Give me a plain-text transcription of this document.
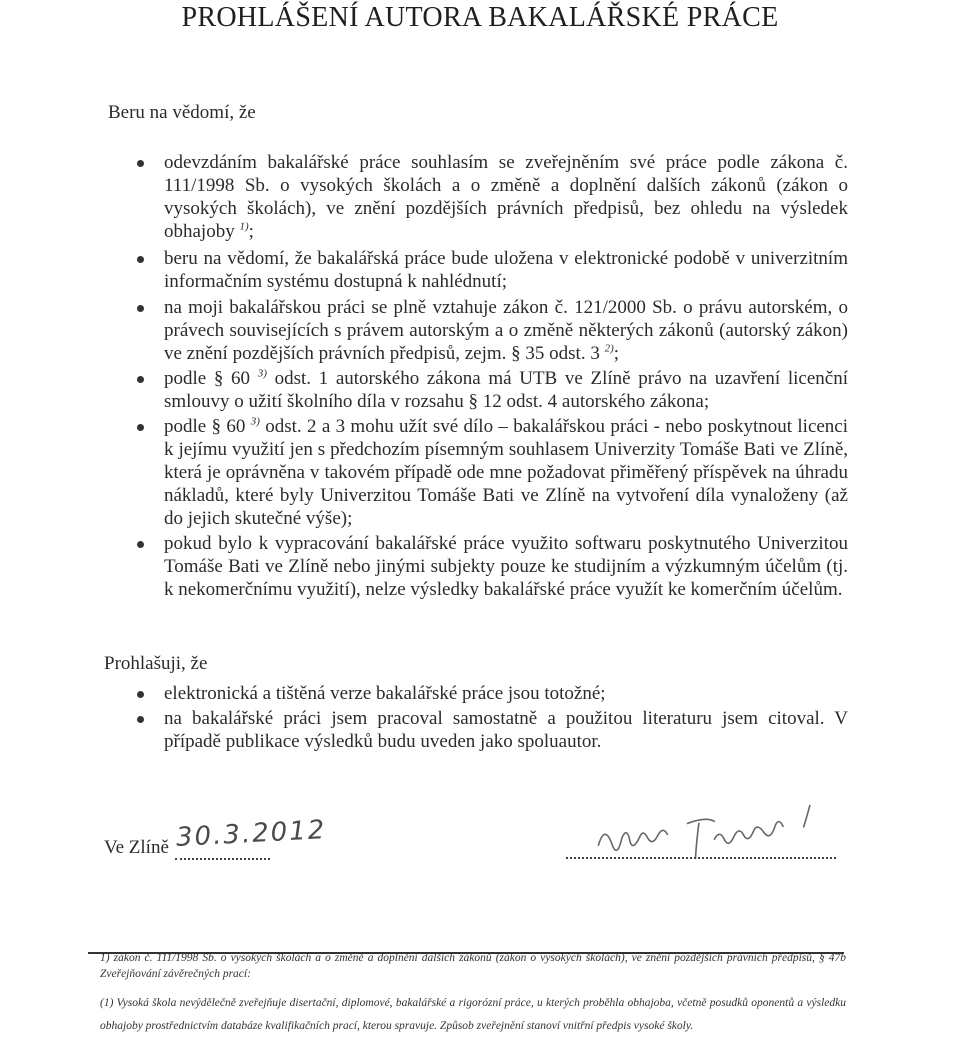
PROHLÁŠENÍ AUTORA BAKALÁŘSKÉ PRÁCE

Beru na vědomí, že

odevzdáním bakalářské práce souhlasím se zveřejněním své práce podle zákona č. 111/1998 Sb. o vysokých školách a o změně a doplnění dalších zákonů (zákon o vysokých školách), ve znění pozdějších právních předpisů, bez ohledu na výsledek obhajoby $^{1)}$;
beru na vědomí, že bakalářská práce bude uložena v elektronické podobě v univerzitním informačním systému dostupná k nahlédnutí;
na moji bakalářskou práci se plně vztahuje zákon č. 121/2000 Sb. o právu autorském, o právech souvisejících s právem autorským a o změně některých zákonů (autorský zákon) ve znění pozdějších právních předpisů, zejm. § 35 odst. 3 $^{2)}$;
podle § 60 $^{3)}$ odst. 1 autorského zákona má UTB ve Zlíně právo na uzavření licenční smlouvy o užití školního díla v rozsahu § 12 odst. 4 autorského zákona;
podle § 60 $^{3)}$ odst. 2 a 3 mohu užít své dílo – bakalářskou práci - nebo poskytnout licenci k jejímu využití jen s předchozím písemným souhlasem Univerzity Tomáše Bati ve Zlíně, která je oprávněna v takovém případě ode mne požadovat přiměřený příspěvek na úhradu nákladů, které byly Univerzitou Tomáše Bati ve Zlíně na vytvoření díla vynaloženy (až do jejich skutečné výše);
pokud bylo k vypracování bakalářské práce využito softwaru poskytnutého Univerzitou Tomáše Bati ve Zlíně nebo jinými subjekty pouze ke studijním a výzkumným účelům (tj. k nekomerčnímu využití), nelze výsledky bakalářské práce využít ke komerčním účelům.

Prohlašuji, že

elektronická a tištěná verze bakalářské práce jsou totožné;
na bakalářské práci jsem pracoval samostatně a použitou literaturu jsem citoval. V případě publikace výsledků budu uveden jako spoluautor.
Ve Zlíně 30.3.2012

1) zákon č. 111/1998 Sb. o vysokých školách a o změně a doplnění dalších zákonů (zákon o vysokých školách), ve znění pozdějších právních předpisů, § 47b Zveřejňování závěrečných prací:

(1) Vysoká škola nevýdělečně zveřejňuje disertační, diplomové, bakalářské a rigorózní práce, u kterých proběhla obhajoba, včetně posudků oponentů a výsledku obhajoby prostřednictvím databáze kvalifikačních prací, kterou spravuje. Způsob zveřejnění stanoví vnitřní předpis vysoké školy.
